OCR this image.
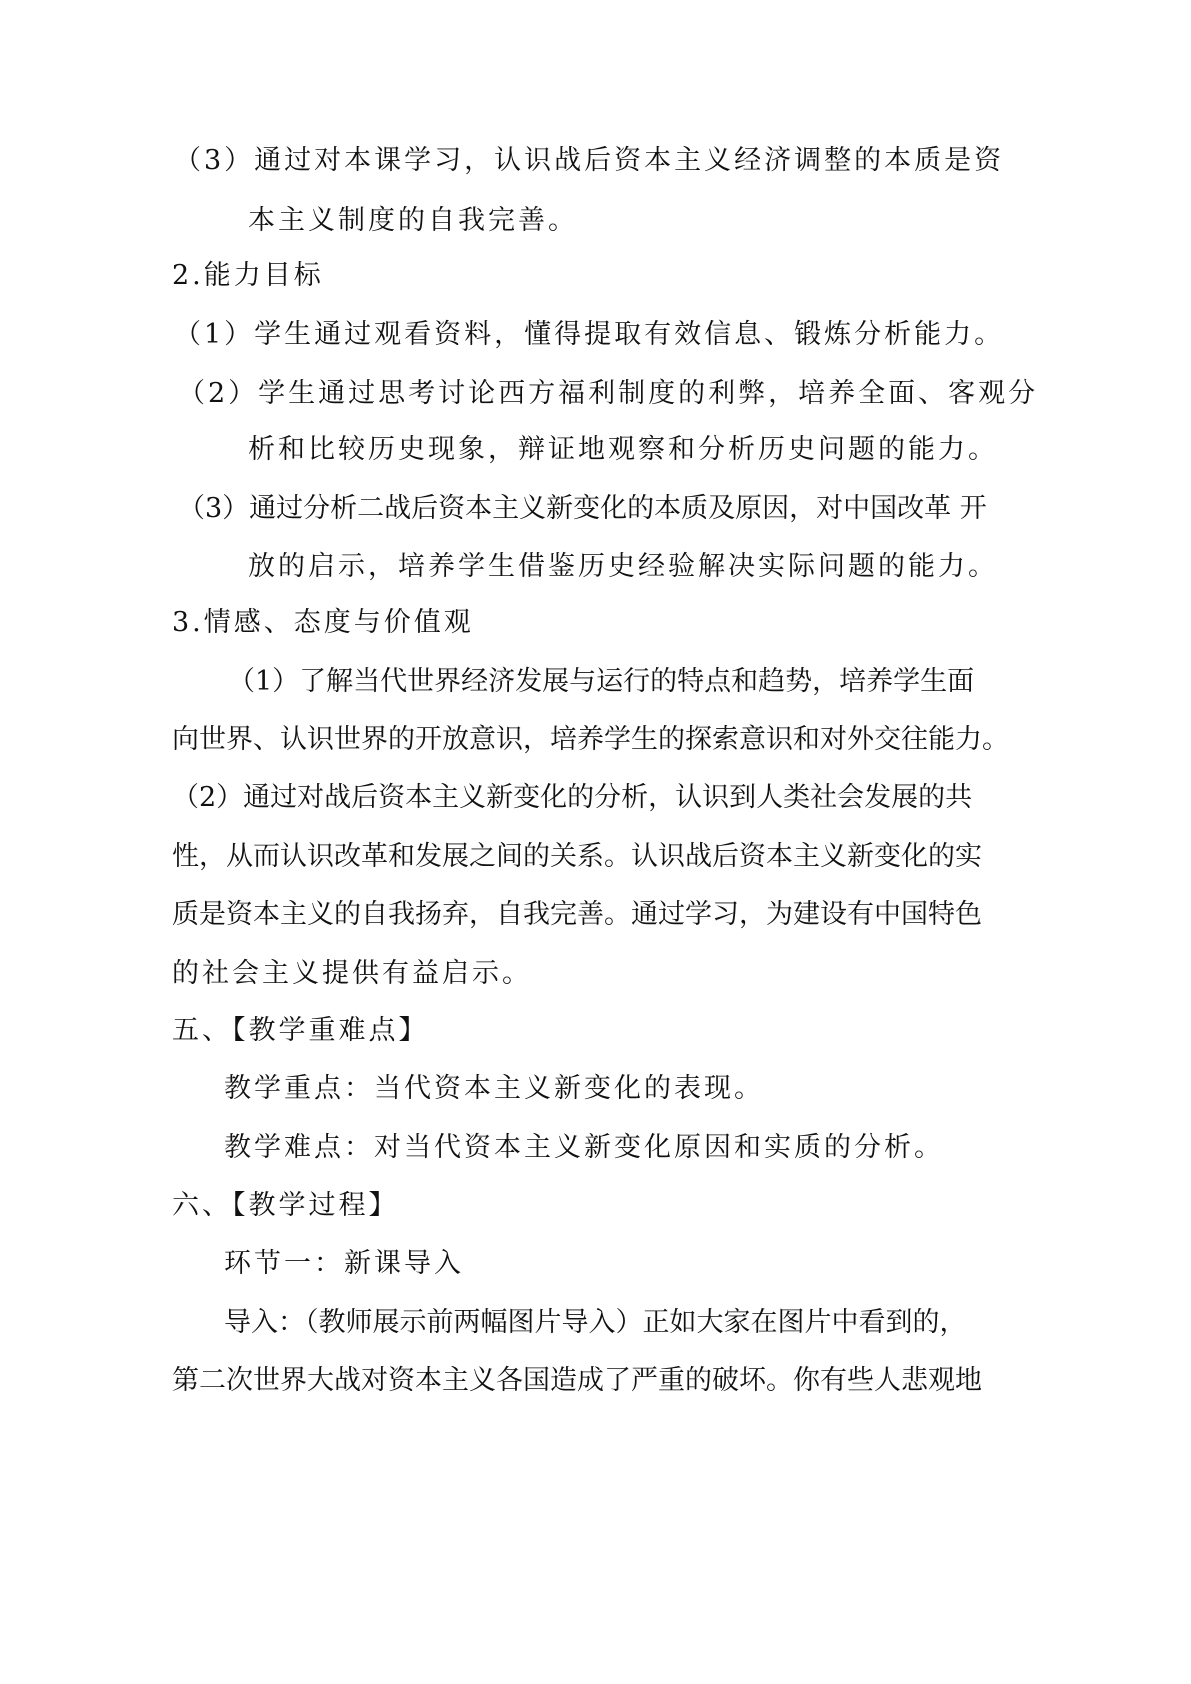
（3）通过对本课学习，认识战后资本主义经济调整的本质是资
本主义制度的自我完善。
2.能力目标
（1）学生通过观看资料，懂得提取有效信息、锻炼分析能力。
（2）学生通过思考讨论西方福利制度的利弊，培养全面、客观分
析和比较历史现象，辩证地观察和分析历史问题的能力。
（3）通过分析二战后资本主义新变化的本质及原因，对中国改革 开
放的启示，培养学生借鉴历史经验解决实际问题的能力。
3.情感、态度与价值观
（1）了解当代世界经济发展与运行的特点和趋势，培养学生面
向世界、认识世界的开放意识，培养学生的探索意识和对外交往能力。
（2）通过对战后资本主义新变化的分析，认识到人类社会发展的共
性，从而认识改革和发展之间的关系。认识战后资本主义新变化的实
质是资本主义的自我扬弃，自我完善。通过学习，为建设有中国特色
的社会主义提供有益启示。
五、【教学重难点】
教学重点：当代资本主义新变化的表现。
教学难点：对当代资本主义新变化原因和实质的分析。
六、【教学过程】
环节一：新课导入
导入：（教师展示前两幅图片导入）正如大家在图片中看到的，
第二次世界大战对资本主义各国造成了严重的破坏。你有些人悲观地
